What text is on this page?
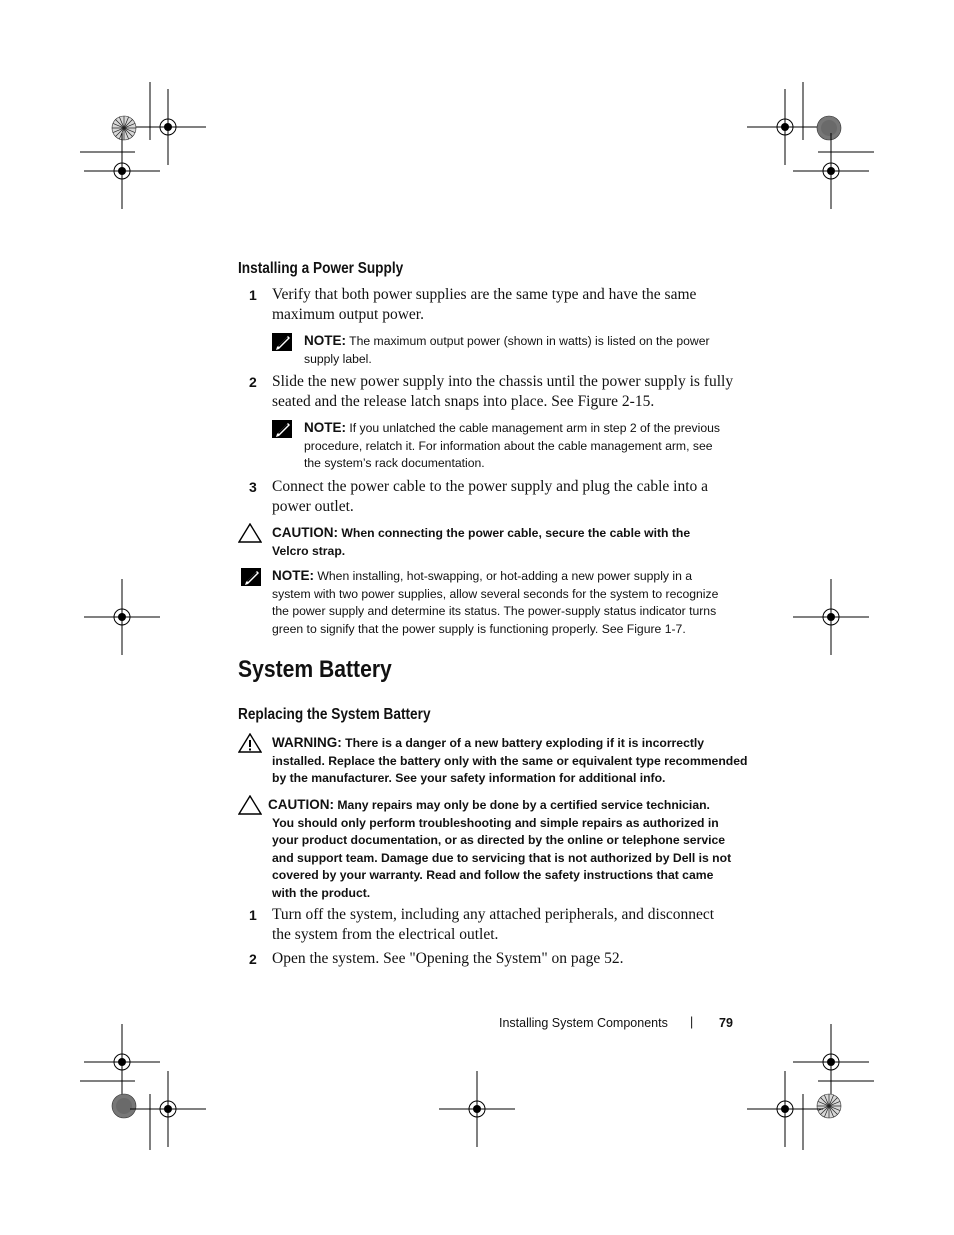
Installing a Power Supply
1 Verify that both power supplies are the same type and have the same
maximum output power.
NOTE: The maximum output power (shown in watts) is listed on the power
supply label.
2 Slide the new power supply into the chassis until the power supply is fully
seated and the release latch snaps into place. See Figure 2-15.
NOTE: If you unlatched the cable management arm in step 2 of the previous
procedure, relatch it. For information about the cable management arm, see
the system’s rack documentation.
3 Connect the power cable to the power supply and plug the cable into a
power outlet.
CAUTION: When connecting the power cable, secure the cable with the
Velcro strap.
NOTE: When installing, hot-swapping, or hot-adding a new power supply in a
system with two power supplies, allow several seconds for the system to recognize
the power supply and determine its status. The power-supply status indicator turns
green to signify that the power supply is functioning properly. See Figure 1-7.
System Battery
Replacing the System Battery
WARNING: There is a danger of a new battery exploding if it is incorrectly
installed. Replace the battery only with the same or equivalent type recommended
by the manufacturer. See your safety information for additional info.
CAUTION: Many repairs may only be done by a certified service technician.
You should only perform troubleshooting and simple repairs as authorized in
your product documentation, or as directed by the online or telephone service
and support team. Damage due to servicing that is not authorized by Dell is not
covered by your warranty. Read and follow the safety instructions that came
with the product.
1 Turn off the system, including any attached peripherals, and disconnect
the system from the electrical outlet.
2 Open the system. See "Opening the System" on page 52.
Installing System Components | 79
